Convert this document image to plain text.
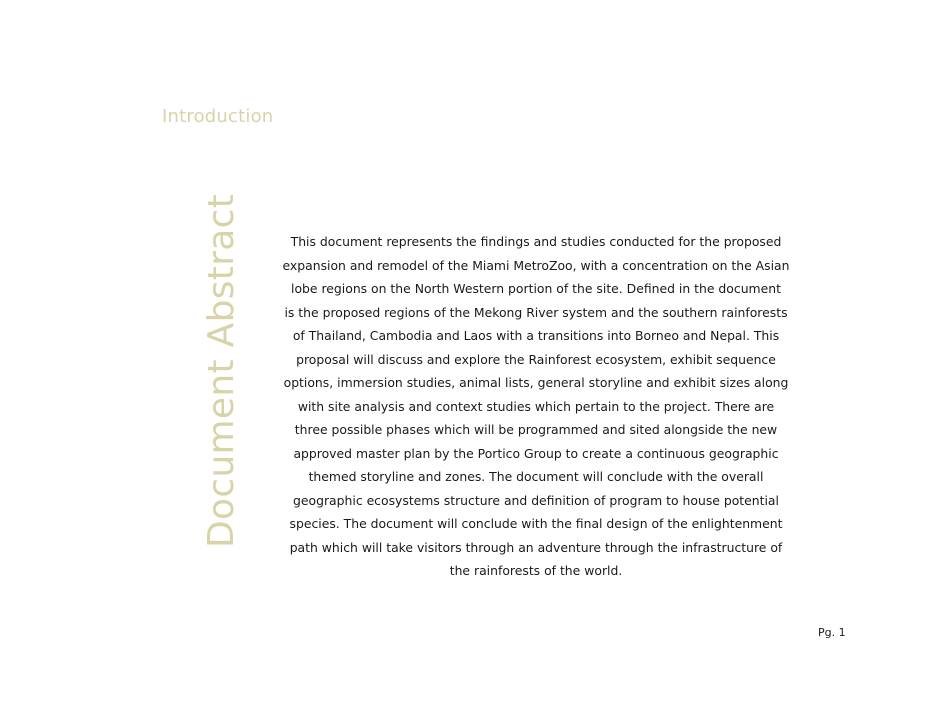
Introduction
Document Abstract	This document represents the findings and studies conducted for the proposed
expansion and remodel of the Miami MetroZoo, with a concentration on the Asian
lobe regions on the North Western portion of the site. Defined in the document
is the proposed regions of the Mekong River system and the southern rainforests
of Thailand, Cambodia and Laos with a transitions into Borneo and Nepal. This
proposal will discuss and explore the Rainforest ecosystem, exhibit sequence
options, immersion studies, animal lists, general storyline and exhibit sizes along
with site analysis and context studies which pertain to the project. There are
three possible phases which will be programmed and sited alongside the new
approved master plan by the Portico Group to create a continuous geographic
themed storyline and zones. The document will conclude with the overall
geographic ecosystems structure and definition of program to house potential
species. The document will conclude with the final design of the enlightenment
path which will take visitors through an adventure through the infrastructure of
the rainforests of the world.
Pg. 1
